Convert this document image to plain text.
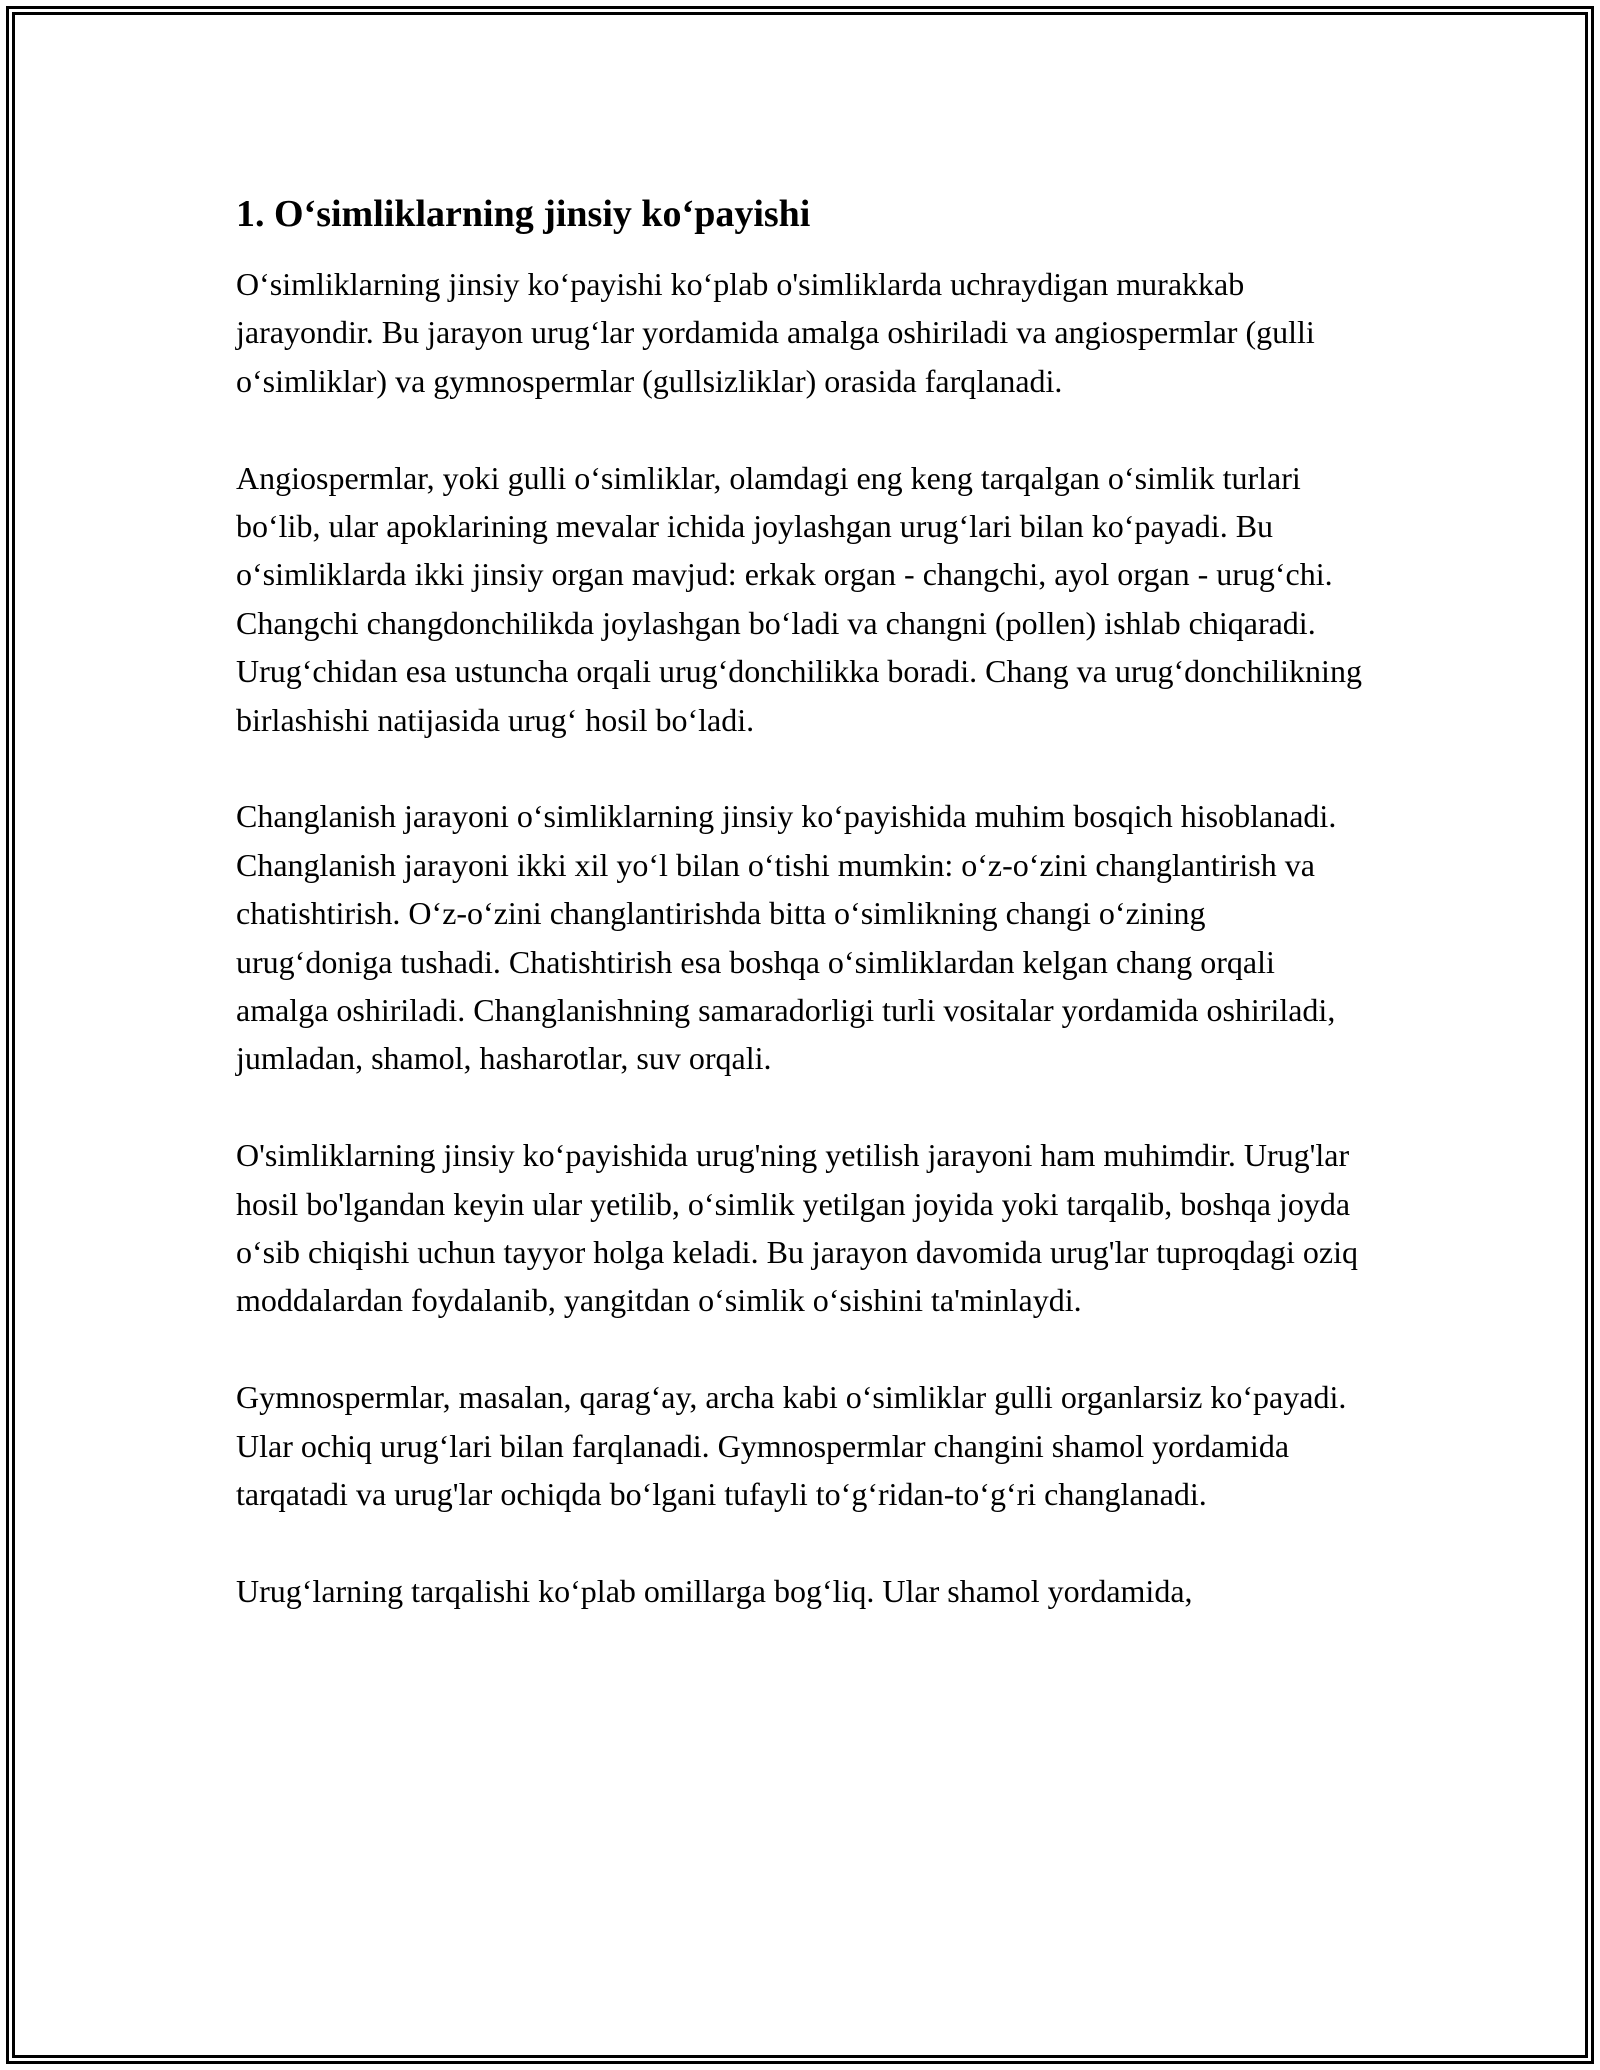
1. O‘simliklarning jinsiy ko‘payishi

O‘simliklarning jinsiy ko‘payishi ko‘plab o'simliklarda uchraydigan murakkab jarayondir. Bu jarayon urug‘lar yordamida amalga oshiriladi va angiospermlar (gulli o‘simliklar) va gymnospermlar (gullsizliklar) orasida farqlanadi.

Angiospermlar, yoki gulli o‘simliklar, olamdagi eng keng tarqalgan o‘simlik turlari bo‘lib, ular apoklarining mevalar ichida joylashgan urug‘lari bilan ko‘payadi. Bu o‘simliklarda ikki jinsiy organ mavjud: erkak organ - changchi, ayol organ - urug‘chi. Changchi changdonchilikda joylashgan bo‘ladi va changni (pollen) ishlab chiqaradi. Urug‘chidan esa ustuncha orqali urug‘donchilikka boradi. Chang va urug‘donchilikning birlashishi natijasida urug‘ hosil bo‘ladi.

Changlanish jarayoni o‘simliklarning jinsiy ko‘payishida muhim bosqich hisoblanadi. Changlanish jarayoni ikki xil yo‘l bilan o‘tishi mumkin: o‘z-o‘zini changlantirish va chatishtirish. O‘z-o‘zini changlantirishda bitta o‘simlikning changi o‘zining urug‘doniga tushadi. Chatishtirish esa boshqa o‘simliklardan kelgan chang orqali amalga oshiriladi. Changlanishning samaradorligi turli vositalar yordamida oshiriladi, jumladan, shamol, hasharotlar, suv orqali.

O'simliklarning jinsiy ko‘payishida urug'ning yetilish jarayoni ham muhimdir. Urug'lar hosil bo'lgandan keyin ular yetilib, o‘simlik yetilgan joyida yoki tarqalib, boshqa joyda o‘sib chiqishi uchun tayyor holga keladi. Bu jarayon davomida urug'lar tuproqdagi oziq moddalardan foydalanib, yangitdan o‘simlik o‘sishini ta'minlaydi.

Gymnospermlar, masalan, qarag‘ay, archa kabi o‘simliklar gulli organlarsiz ko‘payadi. Ular ochiq urug‘lari bilan farqlanadi. Gymnospermlar changini shamol yordamida tarqatadi va urug'lar ochiqda bo‘lgani tufayli to‘g‘ridan-to‘g‘ri changlanadi.

Urug‘larning tarqalishi ko‘plab omillarga bog‘liq. Ular shamol yordamida,
